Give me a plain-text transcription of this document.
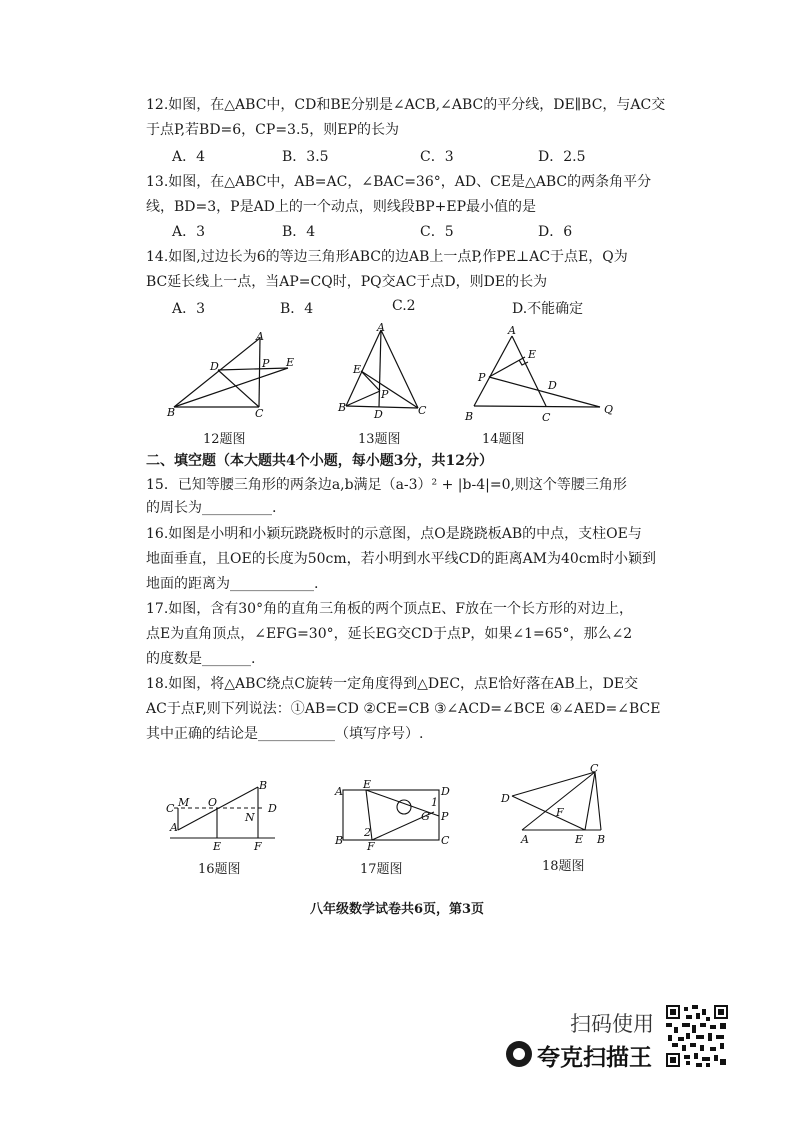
12.如图，在△ABC中，CD和BE分别是∠ACB,∠ABC的平分线，DE∥BC，与AC交
于点P,若BD=6，CP=3.5，则EP的长为
A．4	B．3.5	C．3	D．2.5
13.如图，在△ABC中，AB=AC，∠BAC=36°，AD、CE是△ABC的两条角平分
线，BD=3，P是AD上的一个动点，则线段BP+EP最小值的是
A．3	B．4	C．5	D．6
14.如图,过边长为6的等边三角形ABC的边AB上一点P,作PE⊥AC于点E，Q为
BC延长线上一点，当AP=CQ时，PQ交AC于点D，则DE的长为
A．3	B．4	C.2	D.不能确定
A
B	C
D	P E
12题图
A
B	C
D
E
P
13题图
A
B	C
D
E
P
Q
14题图
二、填空题（本大题共4个小题，每小题3分，共12分）
15．已知等腰三角形的两条边a,b满足（a-3）² + |b-4|=0,则这个等腰三角形
的周长为__________.
16.如图是小明和小颖玩跷跷板时的示意图，点O是跷跷板AB的中点，支柱OE与
地面垂直，且OE的长度为50cm，若小明到水平线CD的距离AM为40cm时小颖到
地面的距离为____________.
17.如图，含有30°角的直角三角板的两个顶点E、F放在一个长方形的对边上，
点E为直角顶点，∠EFG=30°，延长EG交CD于点P，如果∠1=65°，那么∠2
的度数是_______.
18.如图，将△ABC绕点C旋转一定角度得到△DEC，点E恰好落在AB上，DE交
AC于点F,则下列说法：①AB=CD ②CE=CB ③∠ACD=∠BCE ④∠AED=∠BCE
其中正确的结论是___________（填写序号）.
C M
A
O
B
D
N
E	F
16题图
A
B	C
D
E
F
G P
1
2
17题图
C
D
F
A	E B
18题图
八年级数学试卷共6页，第3页
扫码使用
夸克扫描王
